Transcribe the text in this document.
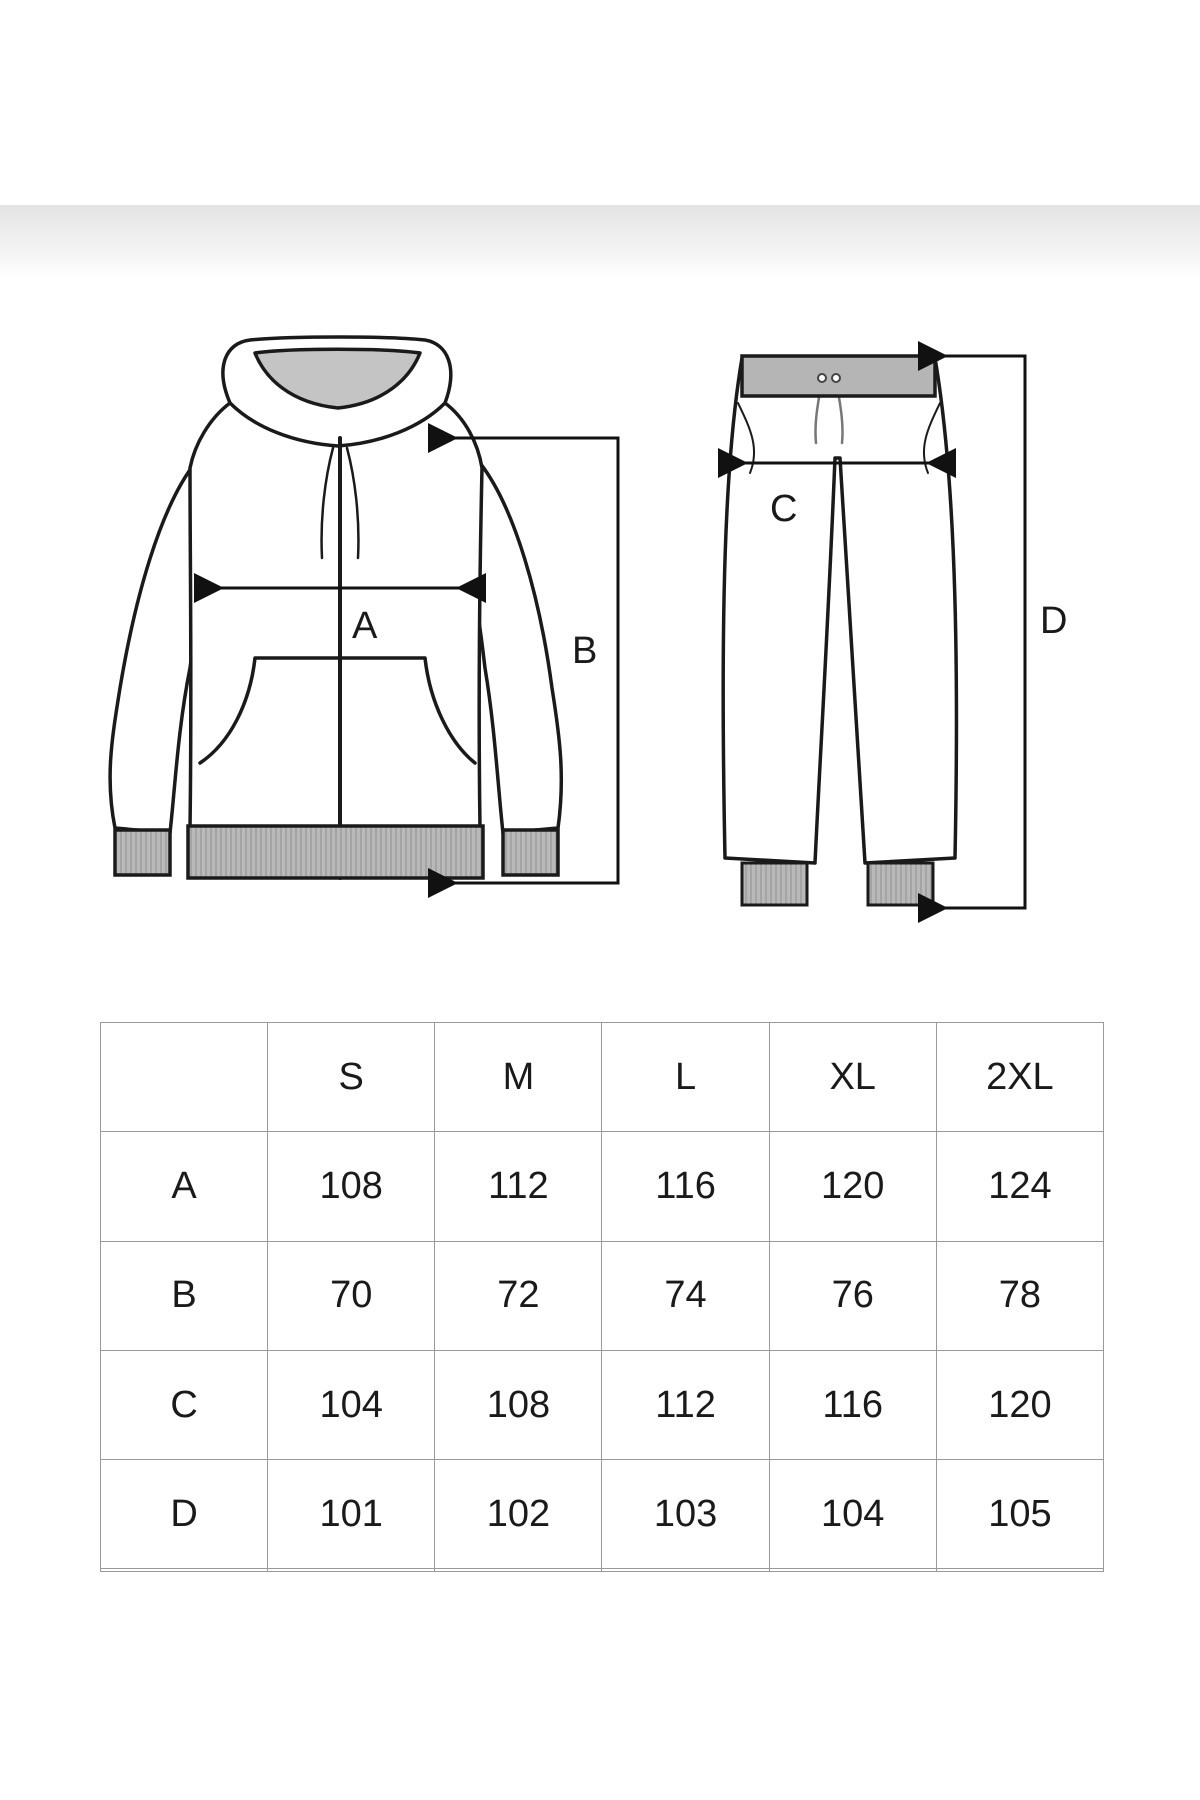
A
B
C
D
	S	M	L	XL	2XL
A	108	112	116	120	124
B	70	72	74	76	78
C	104	108	112	116	120
D	101	102	103	104	105
